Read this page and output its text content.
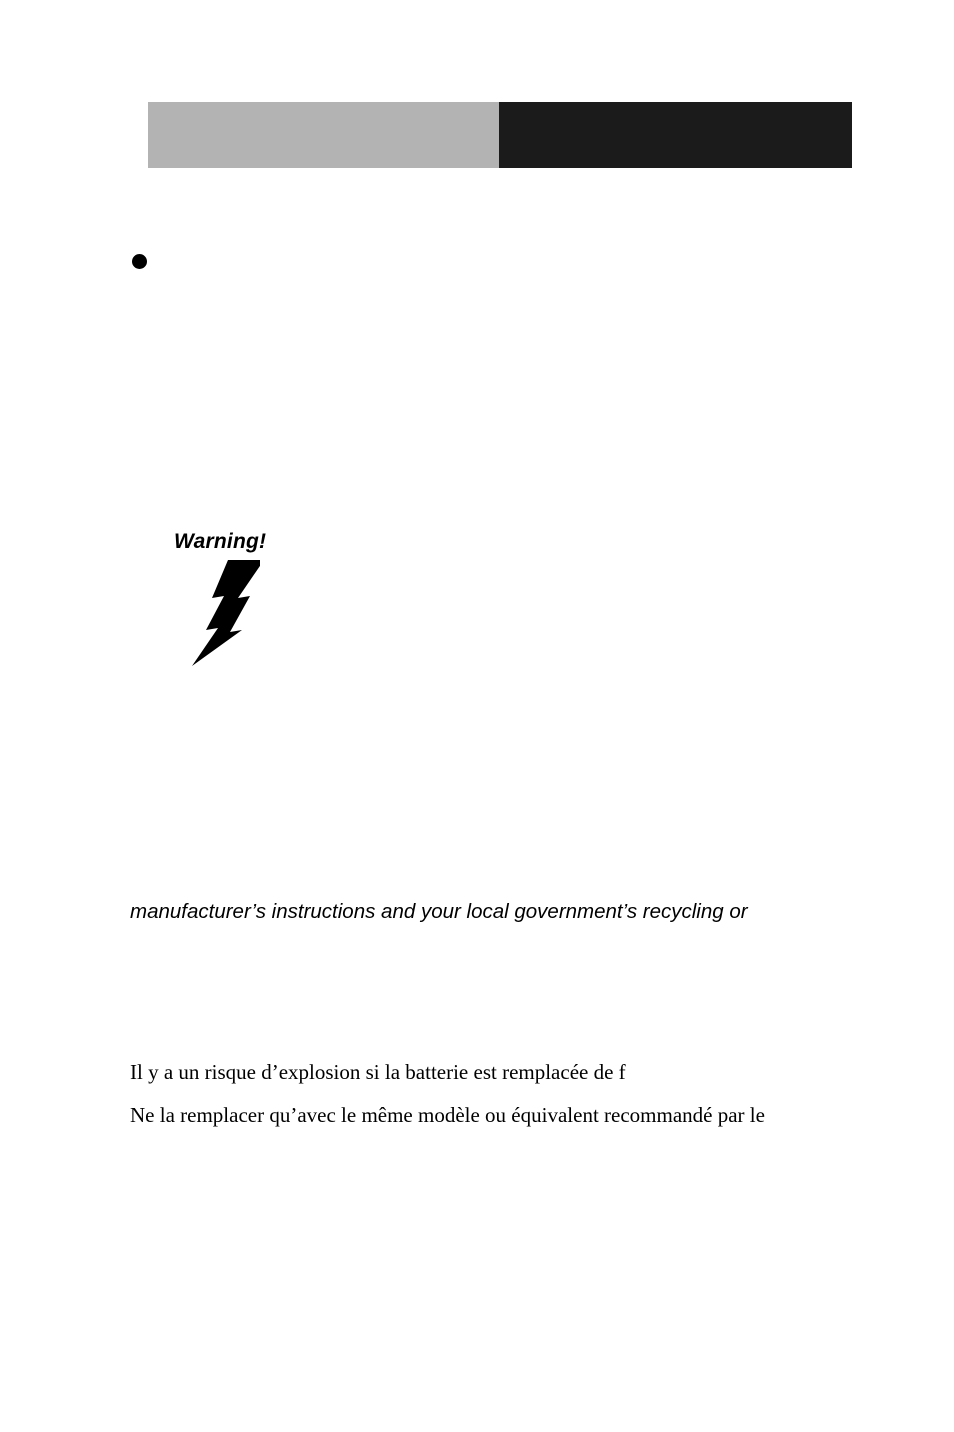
Warning!
manufacturer’s instructions and your local government’s recycling or
Il y a un risque d’explosion si la batterie est remplacée de f
Ne la remplacer qu’avec le même modèle ou équivalent recommandé par le
